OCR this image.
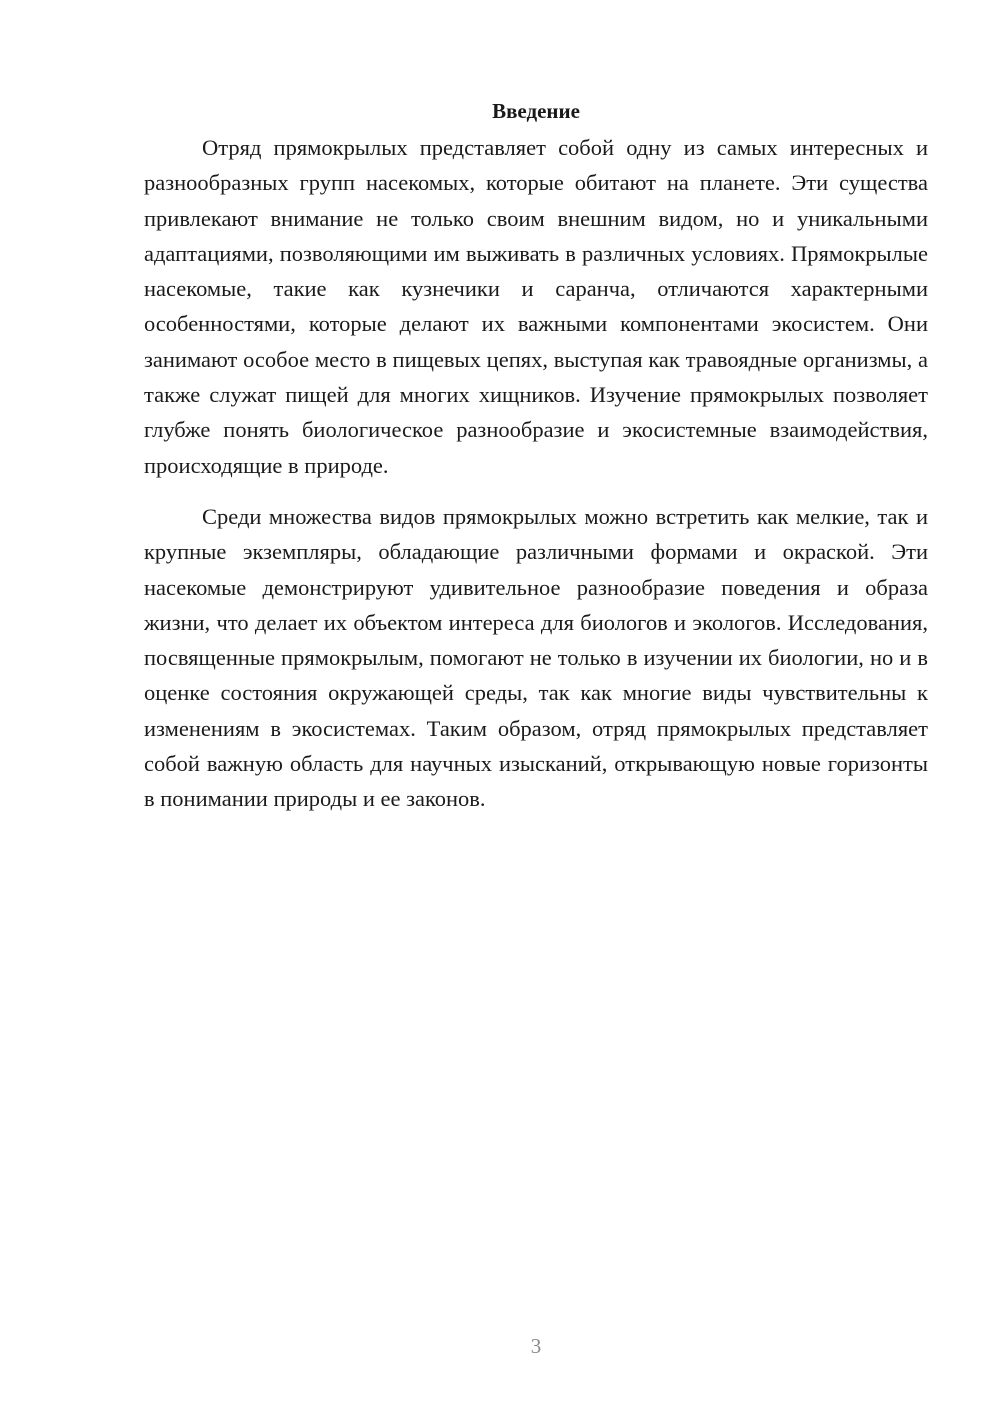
Введение

Отряд прямокрылых представляет собой одну из самых интересных и разнообразных групп насекомых, которые обитают на планете. Эти существа привлекают внимание не только своим внешним видом, но и уникальными адаптациями, позволяющими им выживать в различных условиях. Прямокрылые насекомые, такие как кузнечики и саранча, отличаются характерными особенностями, которые делают их важными компонентами экосистем. Они занимают особое место в пищевых цепях, выступая как травоядные организмы, а также служат пищей для многих хищников. Изучение прямокрылых позволяет глубже понять биологическое разнообразие и экосистемные взаимодействия, происходящие в природе.

Среди множества видов прямокрылых можно встретить как мелкие, так и крупные экземпляры, обладающие различными формами и окраской. Эти насекомые демонстрируют удивительное разнообразие поведения и образа жизни, что делает их объектом интереса для биологов и экологов. Исследования, посвященные прямокрылым, помогают не только в изучении их биологии, но и в оценке состояния окружающей среды, так как многие виды чувствительны к изменениям в экосистемах. Таким образом, отряд прямокрылых представляет собой важную область для научных изысканий, открывающую новые горизонты в понимании природы и ее законов.

3
